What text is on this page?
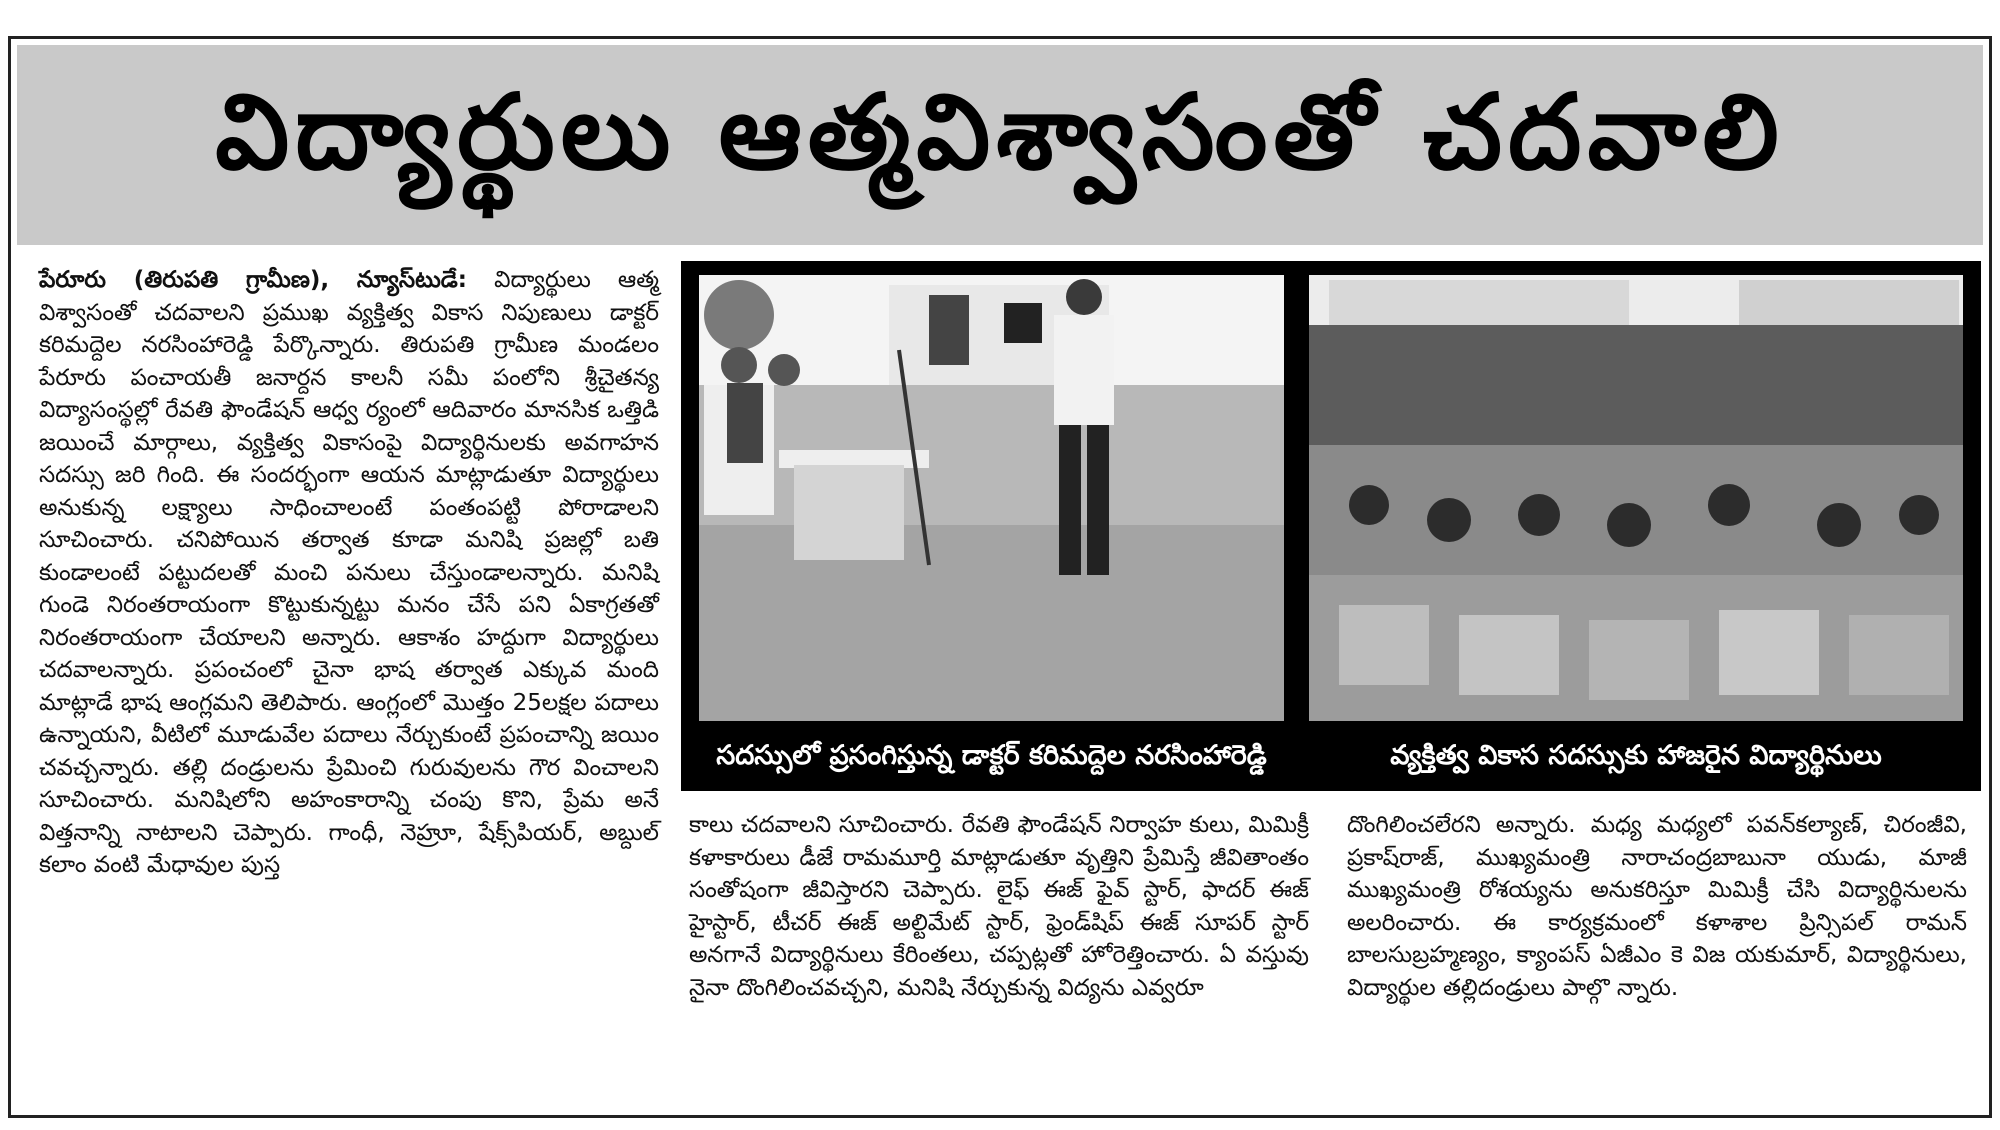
విద్యార్థులు ఆత్మవిశ్వాసంతో చదవాలి

పేరూరు (తిరుపతి గ్రామీణ), న్యూస్‌టుడే: విద్యార్థులు ఆత్మ విశ్వాసంతో చదవాలని ప్రముఖ వ్యక్తిత్వ వికాస నిపుణులు డాక్టర్ కరిమద్దెల నరసింహారెడ్డి పేర్కొన్నారు. తిరుపతి గ్రామీణ మండలం పేరూరు పంచాయతీ జనార్దన కాలనీ సమీ పంలోని శ్రీచైతన్య విద్యాసంస్థల్లో రేవతి ఫౌండేషన్ ఆధ్వ ర్యంలో ఆదివారం మానసిక ఒత్తిడి జయించే మార్గాలు, వ్యక్తిత్వ వికాసంపై విద్యార్థినులకు అవగాహన సదస్సు జరి గింది. ఈ సందర్భంగా ఆయన మాట్లాడుతూ విద్యార్థులు అనుకున్న లక్ష్యాలు సాధించాలంటే పంతంపట్టి పోరాడాలని సూచించారు. చనిపోయిన తర్వాత కూడా మనిషి ప్రజల్లో బతి కుండాలంటే పట్టుదలతో మంచి పనులు చేస్తుండాలన్నారు. మనిషి గుండె నిరంతరాయంగా కొట్టుకున్నట్టు మనం చేసే పని ఏకాగ్రతతో నిరంతరాయంగా చేయాలని అన్నారు. ఆకాశం హద్దుగా విద్యార్థులు చదవాలన్నారు. ప్రపంచంలో చైనా భాష తర్వాత ఎక్కువ మంది మాట్లాడే భాష ఆంగ్లమని తెలిపారు. ఆంగ్లంలో మొత్తం 25లక్షల పదాలు ఉన్నాయని, వీటిలో మూడువేల పదాలు నేర్చుకుంటే ప్రపంచాన్ని జయిం చవచ్చన్నారు. తల్లి దండ్రులను ప్రేమించి గురువులను గౌర వించాలని సూచించారు. మనిషిలోని అహంకారాన్ని చంపు కొని, ప్రేమ అనే విత్తనాన్ని నాటాలని చెప్పారు. గాంధీ, నెహ్రూ, షేక్స్‌పియర్, అబ్దుల్ కలాం వంటి మేధావుల పుస్త

సదస్సులో ప్రసంగిస్తున్న డాక్టర్ కరిమద్దెల నరసింహారెడ్డి	వ్యక్తిత్వ వికాస సదస్సుకు హాజరైన విద్యార్థినులు

కాలు చదవాలని సూచించారు. రేవతి ఫౌండేషన్ నిర్వాహ కులు, మిమిక్రీ కళాకారులు డీజే రామమూర్తి మాట్లాడుతూ వృత్తిని ప్రేమిస్తే జీవితాంతం సంతోషంగా జీవిస్తారని చెప్పారు. లైఫ్ ఈజ్ ఫైవ్ స్టార్, ఫాదర్ ఈజ్ హైస్టార్, టీచర్ ఈజ్ అల్టిమేట్ స్టార్, ఫ్రెండ్‌షిప్ ఈజ్ సూపర్ స్టార్ అనగానే విద్యార్థినులు కేరింతలు, చప్పట్లతో హోరెత్తించారు. ఏ వస్తువు నైనా దొంగిలించవచ్చని, మనిషి నేర్చుకున్న విద్యను ఎవ్వరూ

దొంగిలించలేరని అన్నారు. మధ్య మధ్యలో పవన్‌కల్యాణ్, చిరంజీవి, ప్రకాష్‌రాజ్, ముఖ్యమంత్రి నారాచంద్రబాబునా యుడు, మాజీ ముఖ్యమంత్రి రోశయ్యను అనుకరిస్తూ మిమిక్రీ చేసి విద్యార్థినులను అలరించారు. ఈ కార్యక్రమంలో కళాశాల ప్రిన్సిపల్ రామన్ బాలసుబ్రహ్మణ్యం, క్యాంపస్ ఏజీఎం కె విజ యకుమార్, విద్యార్థినులు, విద్యార్థుల తల్లిదండ్రులు పాల్గొ న్నారు.
